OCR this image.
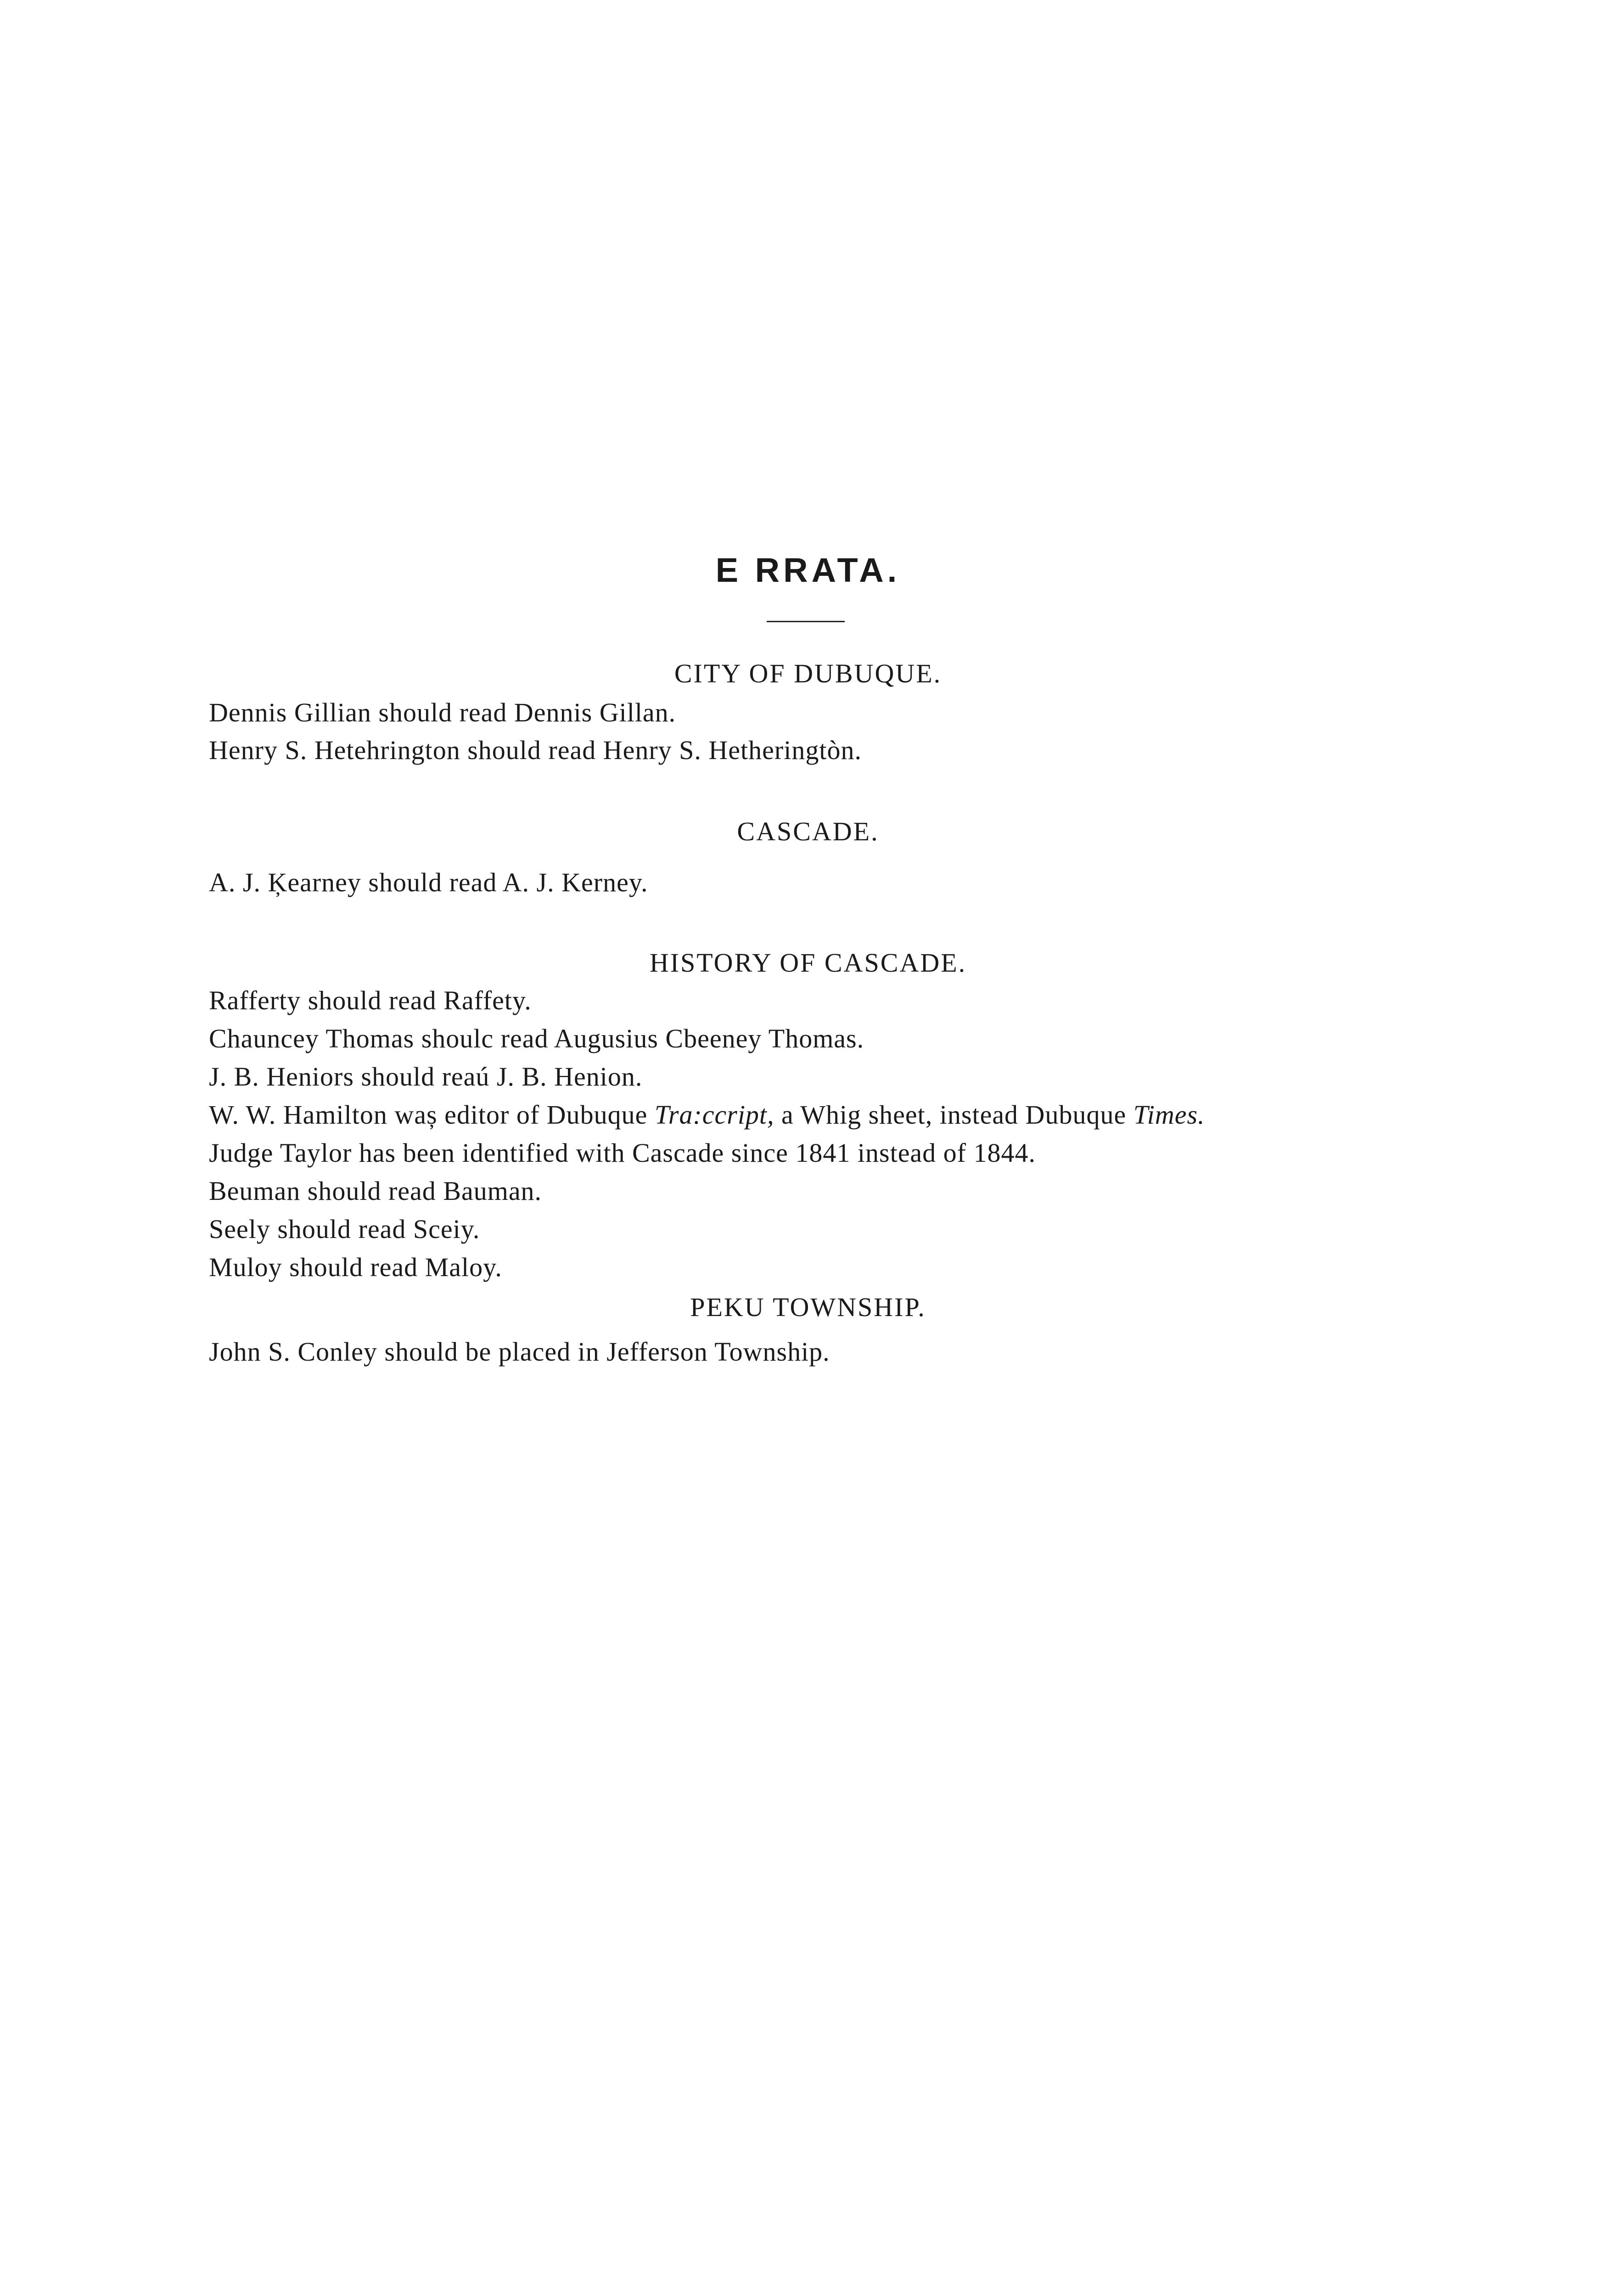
E RRATA.
CITY OF DUBUQUE.
Dennis Gillian should read Dennis Gillan.
Henry S. Hetehrington should read Henry S. Hetheringtòn.
CASCADE.
A. J. Ķearney should read A. J. Kerney.
HISTORY OF CASCADE.
Rafferty should read Raffety.
Chauncey Thomas shoulc read Augusius Cbeeney Thomas.
J. B. Heniors should reaú J. B. Henion.
W. W. Hamilton waș editor of Dubuque Tra:ccript, a Whig sheet, instead Dubuque Times.
Judge Taylor has been identified with Cascade since 1841 instead of 1844.
Beuman should read Bauman.
Seely should read Sceiy.
Muloy should read Maloy.
PEKU TOWNSHIP.
John S. Conley should be placed in Jefferson Township.
